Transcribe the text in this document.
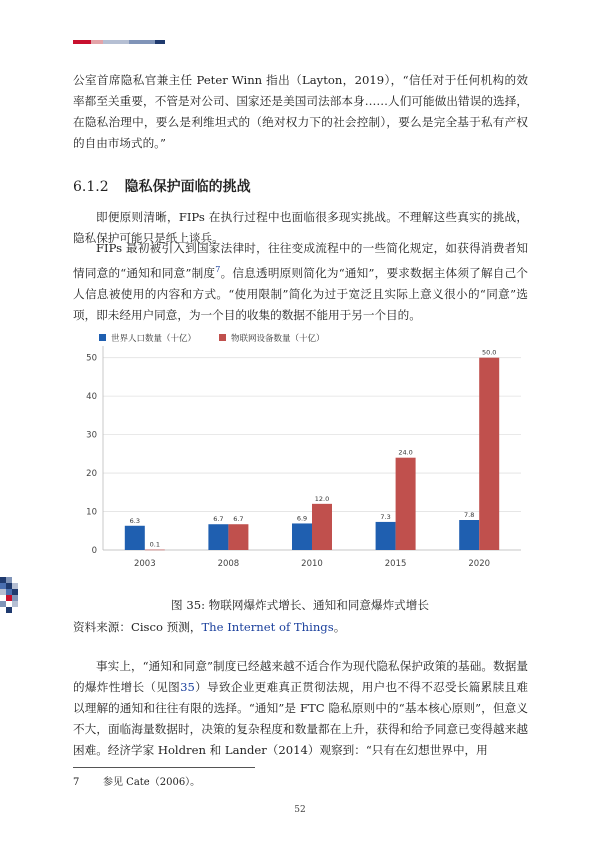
公室首席隐私官兼主任 Peter Winn 指出（Layton，2019），“信任对于任何机构的效率都至关重要，不管是对公司、国家还是美国司法部本身……人们可能做出错误的选择，在隐私治理中，要么是利维坦式的（绝对权力下的社会控制），要么是完全基于私有产权的自由市场式的。”

6.1.2 隐私保护面临的挑战

即便原则清晰，FIPs 在执行过程中也面临很多现实挑战。不理解这些真实的挑战，隐私保护可能只是纸上谈兵。

FIPs 最初被引入到国家法律时，往往变成流程中的一些简化规定，如获得消费者知情同意的“通知和同意”制度$^7$。信息透明原则简化为“通知”，要求数据主体须了解自己个人信息被使用的内容和方式。“使用限制”简化为过于宽泛且实际上意义很小的“同意”选项，即未经用户同意，为一个目的收集的数据不能用于另一个目的。

世界人口数量（十亿）	物联网设备数量（十亿）
0
10
20
30
40
50
6.3
0.1
2003
6.7 6.7
2008
6.9
12.0
2010
7.3
24.0
2015
7.8
50.0
2020
图 35: 物联网爆炸式增长、通知和同意爆炸式增长
资料来源：Cisco 预测，The Internet of Things。

事实上，“通知和同意”制度已经越来越不适合作为现代隐私保护政策的基础。数据量的爆炸性增长（见图35）导致企业更难真正贯彻法规，用户也不得不忍受长篇累牍且难以理解的通知和往往有限的选择。“通知”是 FTC 隐私原则中的“基本核心原则”，但意义不大，面临海量数据时，决策的复杂程度和数量都在上升，获得和给予同意已变得越来越困难。经济学家 Holdren 和 Lander（2014）观察到：“只有在幻想世界中，用

7 参见 Cate（2006）。
52
